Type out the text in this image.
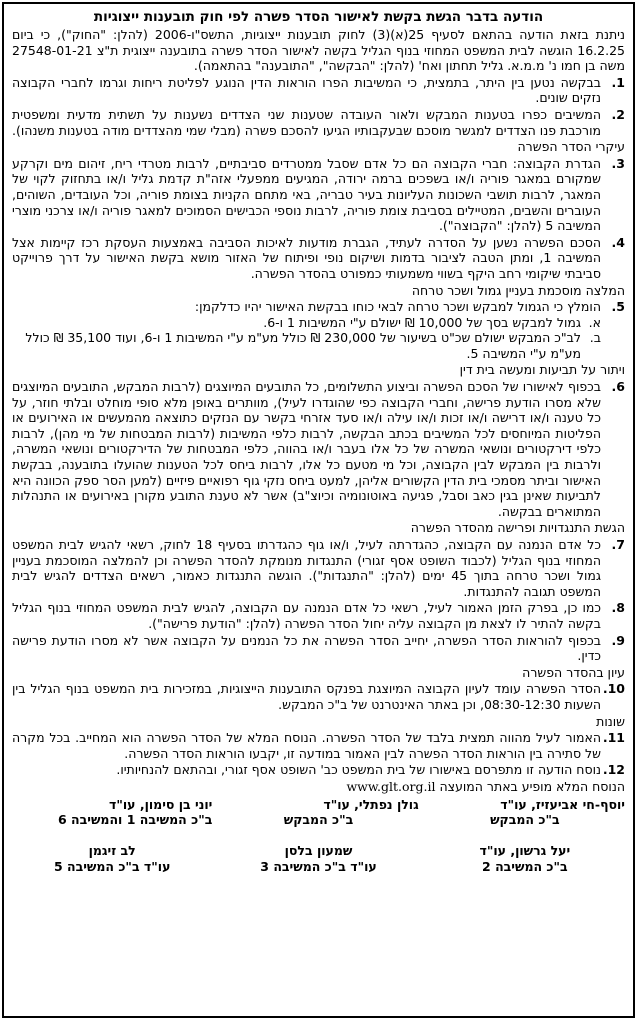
הודעה בדבר הגשת בקשת לאישור הסדר פשרה לפי חוק תובענות ייצוגיות

ניתנת בזאת הודעה בהתאם לסעיף 25(א)(3) לחוק תובענות ייצוגיות, התשס"ו-2006 (להלן: "החוק"), כי ביום 16.2.25 הוגשה לבית המשפט המחוזי בנוף הגליל בקשה לאישור הסדר פשרה בתובענה ייצוגית ת"צ 27548-01-21 משה בן חמו נ' מ.מ.א. גליל תחתון ואח' (להלן: "הבקשה", "התובענה" בהתאמה).

1.
בבקשה נטען בין היתר, בתמצית, כי המשיבות הפרו הוראות הדין הנוגע לפליטת ריחות וגרמו לחברי הקבוצה נזקים שונים.
2.
המשיבים כפרו בטענות המבקש ולאור העובדה שטענות שני הצדדים נשענות על תשתית מדעית ומשפטית מורכבת פנו הצדדים למגשר מוסכם שבעקבותיו הגיעו להסכם פשרה (מבלי שמי מהצדדים מודה בטענות משנהו).
עיקרי הסדר הפשרה
3.
הגדרת הקבוצה: חברי הקבוצה הם כל אדם שסבל ממטרדים סביבתיים, לרבות מטרדי ריח, זיהום מים וקרקע שמקורם במאגר פוריה ו/או בשפכים ברמה ירודה, המגיעים ממפעלי אזה"ת קדמת גליל ו/או בתחזוק לקוי של המאגר, לרבות תושבי השכונות העליונות בעיר טבריה, באי מתחם הקניות בצומת פוריה, וכל העובדים, השוהים, העוברים והשבים, המטיילים בסביבת צומת פוריה, לרבות נוספי הכבישים הסמוכים למאגר פוריה ו/או צרכני מוצרי המשיבה 5 (להלן: "הקבוצה").
4.
הסכם הפשרה נשען על הסדרה לעתיד, הגברת מודעות לאיכות הסביבה באמצעות העסקת רכז קיימות אצל המשיבה 1, ומתן הטבה לציבור בדמות ושיקום נופי ופיתוח של האזור מושא בקשת האישור על דרך פרוייקט סביבתי שיקומי רחב היקף בשווי משמעותי כמפורט בהסדר הפשרה.
המלצה מוסכמת בעניין גמול ושכר טרחה
5.
הומלץ כי הגמול למבקש ושכר טרחה לבאי כוחו בבקשת האישור יהיו כדלקמן:
א.
גמול למבקש בסך של 10,000 ₪ ישולם ע"י המשיבות 1 ו-6.
ב.
לב"כ המבקש ישולם שכ"ט בשיעור של 230,000 ₪ כולל מע"מ ע"י המשיבות 1 ו-6, ועוד 35,100 ₪ כולל מע"מ ע"י המשיבה 5.
ויתור על תביעות ומעשה בית דין
6.
בכפוף לאישורו של הסכם הפשרה וביצוע התשלומים, כל התובעים המיוצגים (לרבות המבקש, התובעים המיוצגים שלא מסרו הודעת פרישה, וחברי הקבוצה כפי שהוגדרו לעיל), מוותרים באופן מלא סופי מוחלט ובלתי חוזר, על כל טענה ו/או דרישה ו/או זכות ו/או עילה ו/או סעד אזרחי בקשר עם הנזקים כתוצאה מהמעשים או האירועים או הפליטות המיוחסים לכל המשיבים בכתב הבקשה, לרבות כלפי המשיבות (לרבות המבטחות של מי מהן), לרבות כלפי דירקטורים ונושאי המשרה של כל אלו בעבר ו/או בהווה, כלפי המבטחות של הדירקטורים ונושאי המשרה, ולרבות בין המבקש לבין הקבוצה, וכל מי מטעם כל אלו, לרבות ביחס לכל הטענות שהועלו בתובענה, בבקשת האישור וביתר מסמכי בית הדין הקשורים אליהן, למעט ביחס נזקי גוף רפואיים פיזיים (למען הסר ספק הכוונה היא לתביעות שאינן בגין כאב וסבל, פגיעה באוטונומיה וכיוצ"ב) אשר לא טענת התובע מקורן באירועים או התנהלות המתוארים בבקשה.
הגשת התנגדויות ופרישה מהסדר הפשרה
7.
כל אדם הנמנה עם הקבוצה, כהגדרתה לעיל, ו/או גוף כהגדרתו בסעיף 18 לחוק, רשאי להגיש לבית המשפט המחוזי בנוף הגליל (לכבוד השופט אסף זגורי) התנגדות מנומקת להסדר הפשרה וכן להמלצה המוסכמת בעניין גמול ושכר טרחה בתוך 45 ימים (להלן: "התנגדות"). הוגשה התנגדות כאמור, רשאים הצדדים להגיש לבית המשפט תגובה להתנגדות.
8.
כמו כן, בפרק הזמן האמור לעיל, רשאי כל אדם הנמנה עם הקבוצה, להגיש לבית המשפט המחוזי בנוף הגליל בקשה להתיר לו לצאת מן הקבוצה עליה יחול הסדר הפשרה (להלן: "הודעת פרישה").
9.
בכפוף להוראות הסדר הפשרה, יחייב הסדר הפשרה את כל הנמנים על הקבוצה אשר לא מסרו הודעת פרישה כדין.
עיון בהסדר הפשרה
10.
הסדר הפשרה עומד לעיון הקבוצה המיוצגת בפנקס התובענות הייצוגיות, במזכירות בית המשפט בנוף הגליל בין השעות 08:30-12:30, וכן באתר האינטרנט של ב"כ המבקש.
שונות
11.
האמור לעיל מהווה תמצית בלבד של הסדר הפשרה. הנוסח המלא של הסדר הפשרה הוא המחייב. בכל מקרה של סתירה בין הוראות הסדר הפשרה לבין האמור במודעה זו, יקבעו הוראות הסדר הפשרה.
12.
נוסח הודעה זו מתפרסם באישורו של בית המשפט כב' השופט אסף זגורי, ובהתאם להנחיותיו.
הנוסח המלא מופיע באתר המועצה www.glt.org.il
יוסף-חי אביעזיז, עו"ד
ב"כ המבקש
גולן נפתלי, עו"ד
ב"כ המבקש
יוני בן סימון, עו"ד
ב"כ המשיבה 1 והמשיבה 6
יעל גרשון, עו"ד
ב"כ המשיבה 2
שמעון בלסן
עו"ד ב"כ המשיבה 3
לב זיגמן
עו"ד ב"כ המשיבה 5
